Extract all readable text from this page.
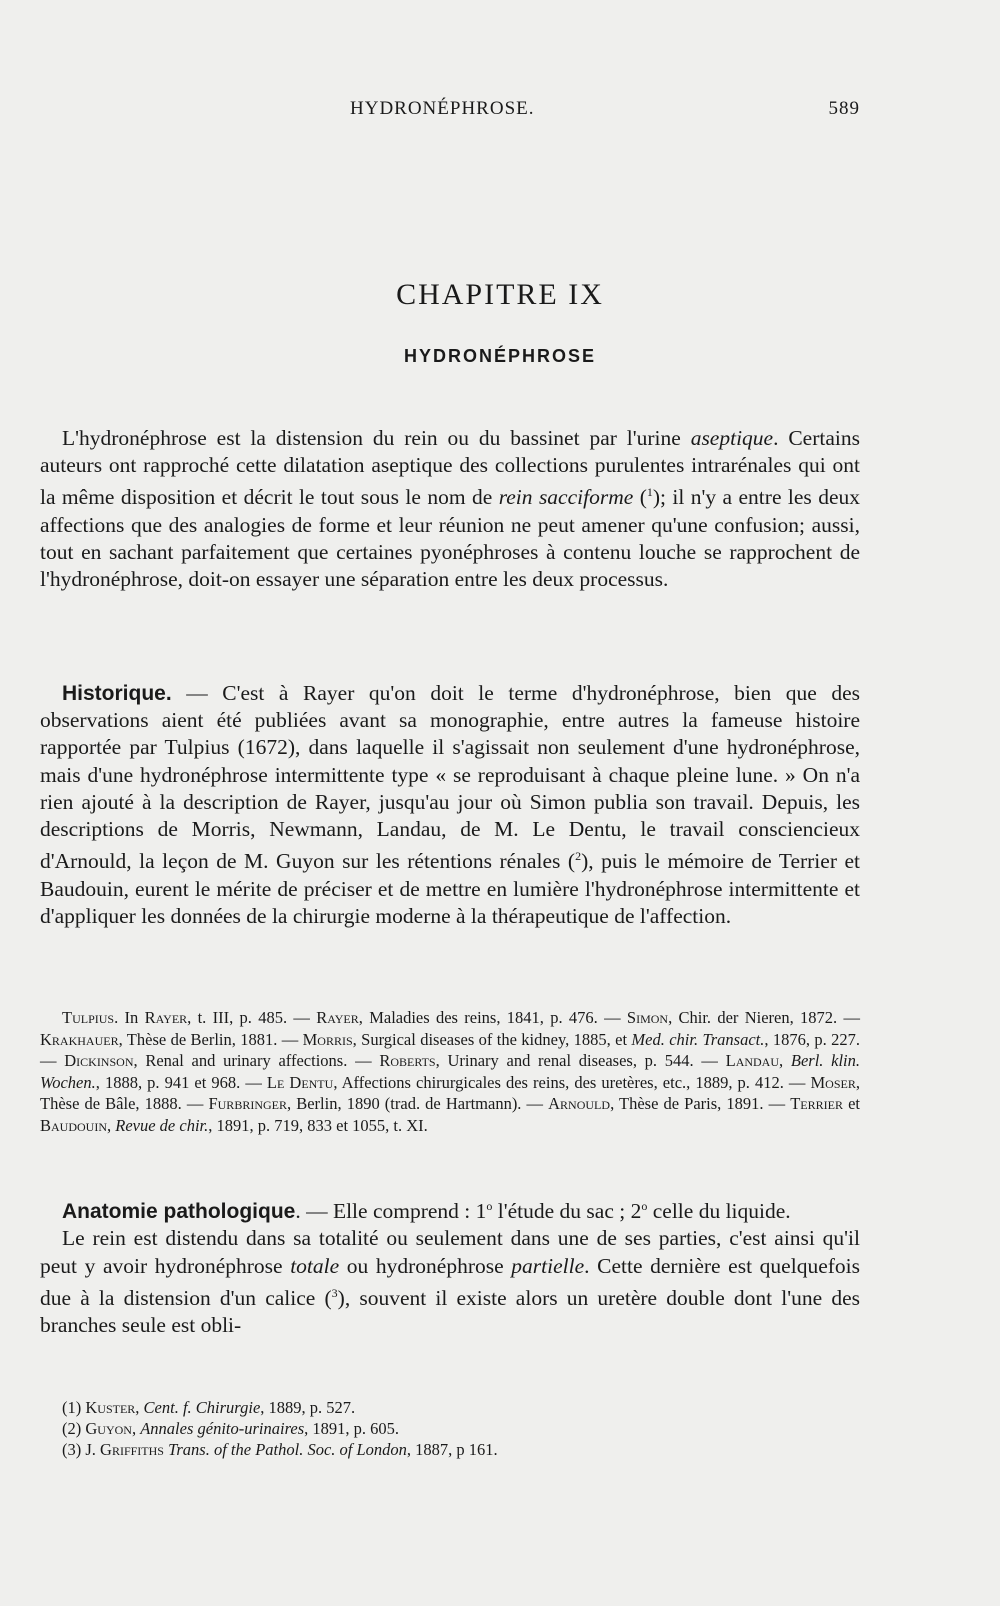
HYDRONÉPHROSE.	589
CHAPITRE IX
HYDRONÉPHROSE

L'hydronéphrose est la distension du rein ou du bassinet par l'urine aseptique. Certains auteurs ont rapproché cette dilatation aseptique des collections purulentes intrarénales qui ont la même disposition et décrit le tout sous le nom de rein sacciforme ($^1$); il n'y a entre les deux affections que des analogies de forme et leur réunion ne peut amener qu'une confusion; aussi, tout en sachant parfaitement que certaines pyonéphroses à contenu louche se rapprochent de l'hydronéphrose, doit-on essayer une séparation entre les deux processus.

Historique. — C'est à Rayer qu'on doit le terme d'hydronéphrose, bien que des observations aient été publiées avant sa monographie, entre autres la fameuse histoire rapportée par Tulpius (1672), dans laquelle il s'agissait non seulement d'une hydronéphrose, mais d'une hydronéphrose intermittente type « se reproduisant à chaque pleine lune. » On n'a rien ajouté à la description de Rayer, jusqu'au jour où Simon publia son travail. Depuis, les descriptions de Morris, Newmann, Landau, de M. Le Dentu, le travail consciencieux d'Arnould, la leçon de M. Guyon sur les rétentions rénales ($^2$), puis le mémoire de Terrier et Baudouin, eurent le mérite de préciser et de mettre en lumière l'hydronéphrose intermittente et d'appliquer les données de la chirurgie moderne à la thérapeutique de l'affection.

Tulpius. In Rayer, t. III, p. 485. — Rayer, Maladies des reins, 1841, p. 476. — Simon, Chir. der Nieren, 1872. — Krakhauer, Thèse de Berlin, 1881. — Morris, Surgical diseases of the kidney, 1885, et Med. chir. Transact., 1876, p. 227. — Dickinson, Renal and urinary affections. — Roberts, Urinary and renal diseases, p. 544. — Landau, Berl. klin. Wochen., 1888, p. 941 et 968. — Le Dentu, Affections chirurgicales des reins, des uretères, etc., 1889, p. 412. — Moser, Thèse de Bâle, 1888. — Furbringer, Berlin, 1890 (trad. de Hartmann). — Arnould, Thèse de Paris, 1891. — Terrier et Baudouin, Revue de chir., 1891, p. 719, 833 et 1055, t. XI.

Anatomie pathologique. — Elle comprend : 1$^o$ l'étude du sac ; 2$^o$ celle du liquide.

Le rein est distendu dans sa totalité ou seulement dans une de ses parties, c'est ainsi qu'il peut y avoir hydronéphrose totale ou hydronéphrose partielle. Cette dernière est quelquefois due à la distension d'un calice ($^3$), souvent il existe alors un uretère double dont l'une des branches seule est obli-

(1) Kuster, Cent. f. Chirurgie, 1889, p. 527.
(2) Guyon, Annales génito-urinaires, 1891, p. 605.
(3) J. Griffiths Trans. of the Pathol. Soc. of London, 1887, p 161.
